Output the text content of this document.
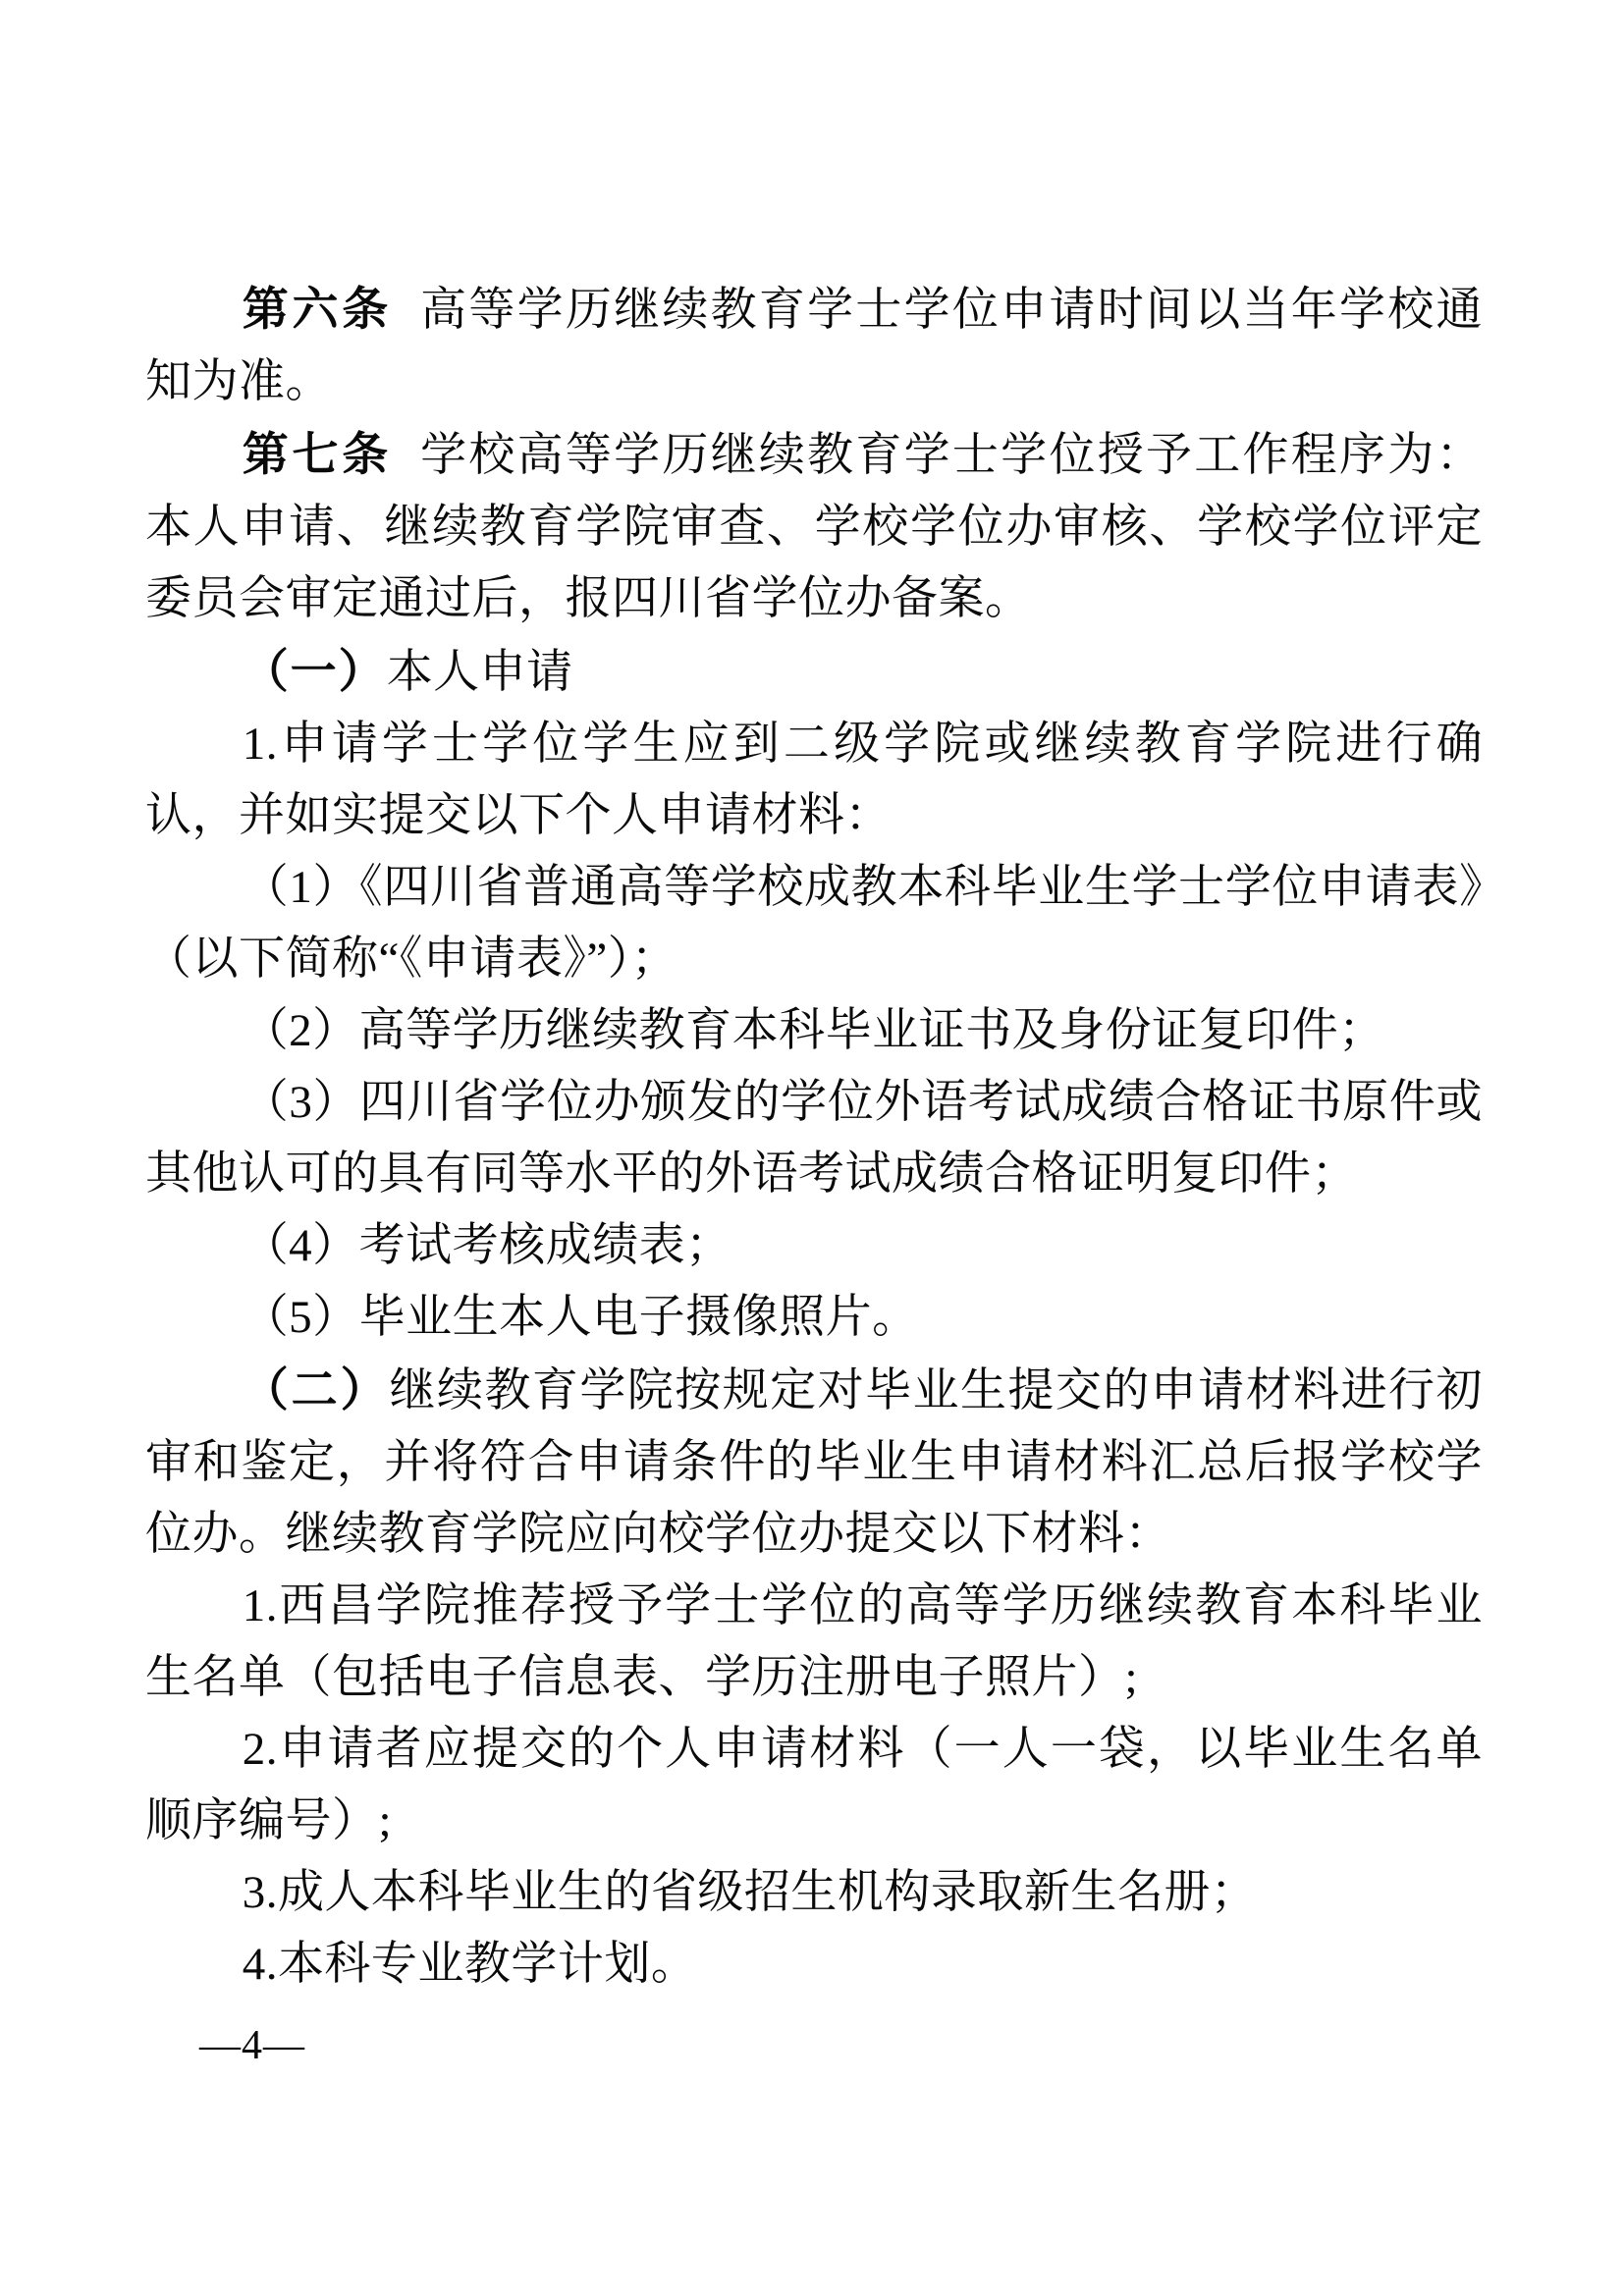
第六条 高等学历继续教育学士学位申请时间以当年学校通知为准。

第七条 学校高等学历继续教育学士学位授予工作程序为：本人申请、继续教育学院审查、学校学位办审核、学校学位评定委员会审定通过后，报四川省学位办备案。

（一）本人申请

1.申请学士学位学生应到二级学院或继续教育学院进行确认，并如实提交以下个人申请材料：

（1）《四川省普通高等学校成教本科毕业生学士学位申请表》（以下简称“《申请表》”）；

（2）高等学历继续教育本科毕业证书及身份证复印件；

（3）四川省学位办颁发的学位外语考试成绩合格证书原件或其他认可的具有同等水平的外语考试成绩合格证明复印件；

（4）考试考核成绩表；

（5）毕业生本人电子摄像照片。

（二）继续教育学院按规定对毕业生提交的申请材料进行初审和鉴定，并将符合申请条件的毕业生申请材料汇总后报学校学位办。继续教育学院应向校学位办提交以下材料：

1.西昌学院推荐授予学士学位的高等学历继续教育本科毕业生名单（包括电子信息表、学历注册电子照片）;

2.申请者应提交的个人申请材料（一人一袋，以毕业生名单顺序编号）;

3.成人本科毕业生的省级招生机构录取新生名册；

4.本科专业教学计划。

—4—
